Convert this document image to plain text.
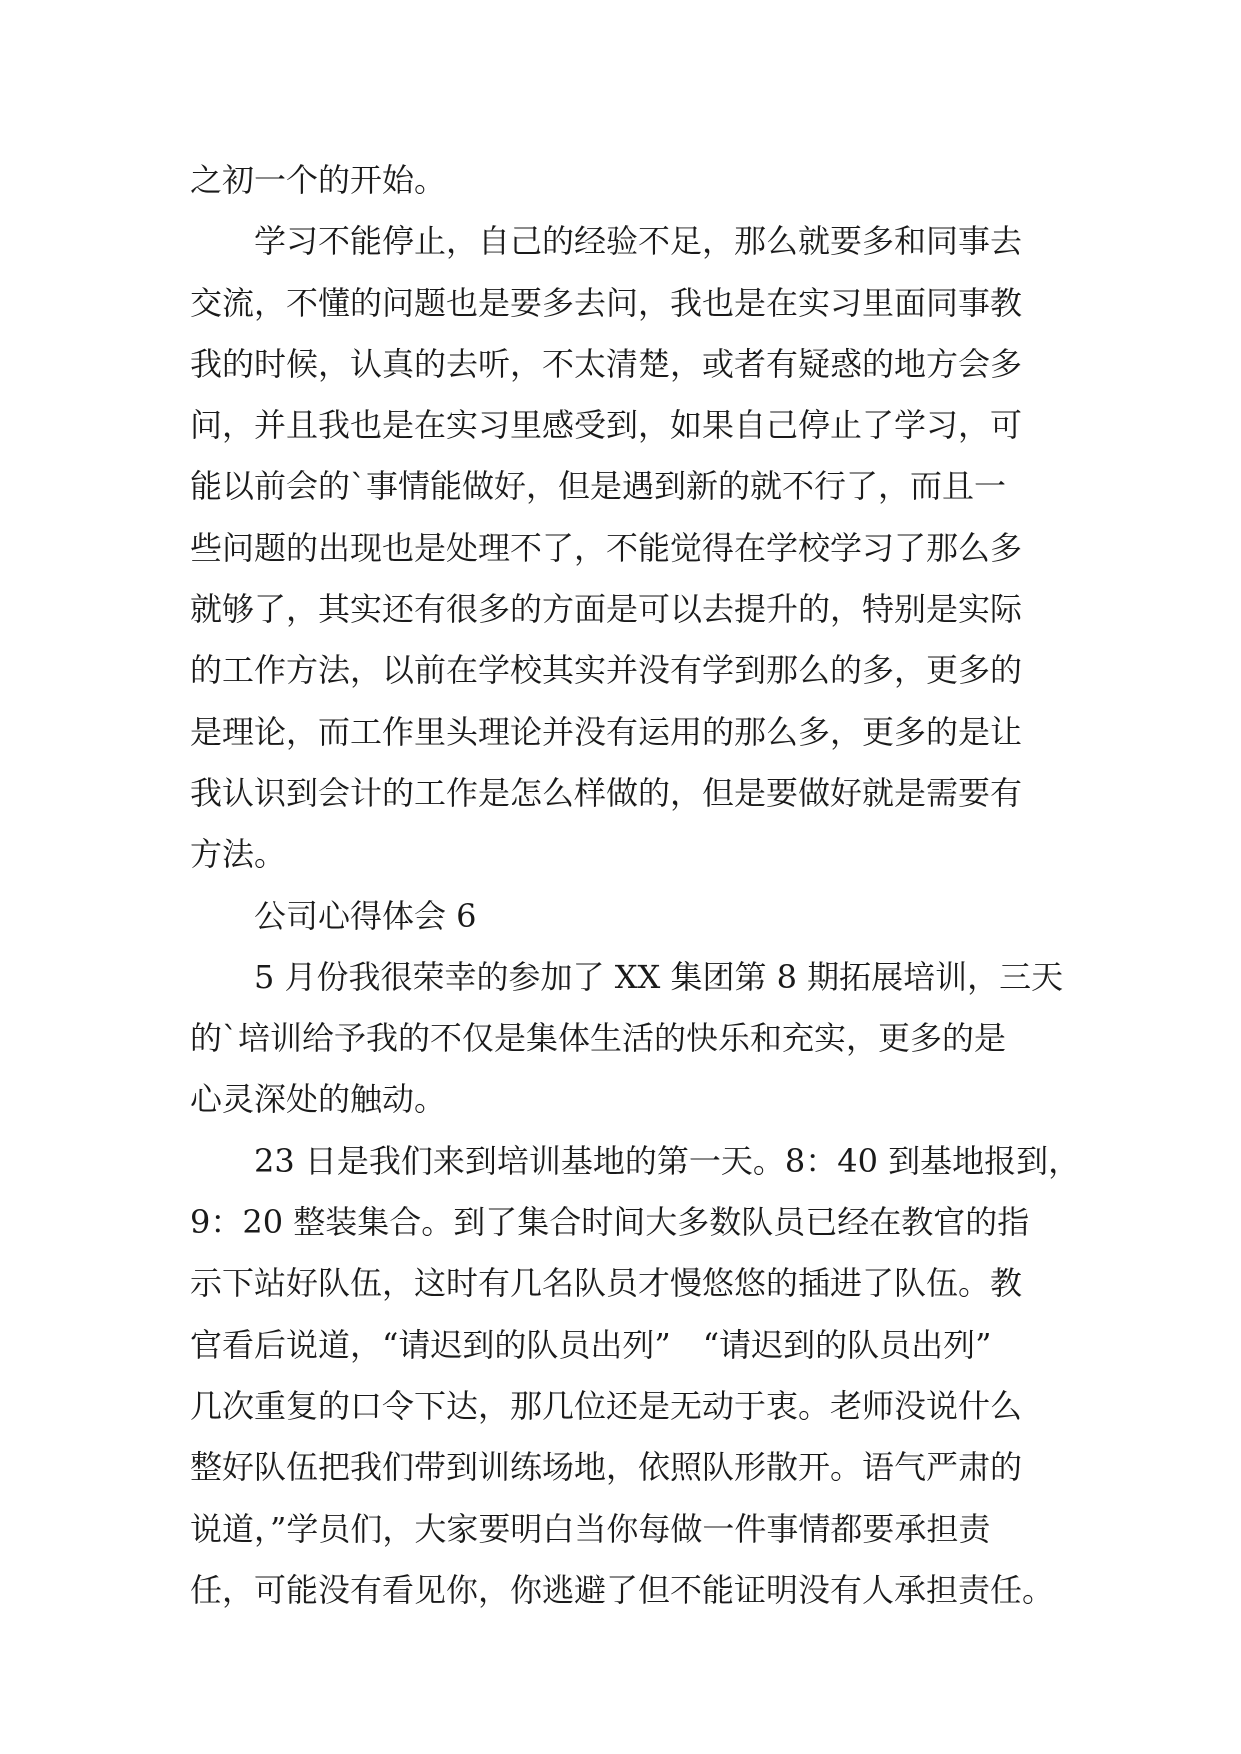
之初一个的开始。
学习不能停止，自己的经验不足，那么就要多和同事去
交流，不懂的问题也是要多去问，我也是在实习里面同事教
我的时候，认真的去听，不太清楚，或者有疑惑的地方会多
问，并且我也是在实习里感受到，如果自己停止了学习，可
能以前会的`事情能做好，但是遇到新的就不行了，而且一
些问题的出现也是处理不了，不能觉得在学校学习了那么多
就够了，其实还有很多的方面是可以去提升的，特别是实际
的工作方法，以前在学校其实并没有学到那么的多，更多的
是理论，而工作里头理论并没有运用的那么多，更多的是让
我认识到会计的工作是怎么样做的，但是要做好就是需要有
方法。
公司心得体会 6
5 月份我很荣幸的参加了 XX 集团第 8 期拓展培训，三天
的`培训给予我的不仅是集体生活的快乐和充实，更多的是
心灵深处的触动。
23 日是我们来到培训基地的第一天。8：40 到基地报到，
9：20 整装集合。到了集合时间大多数队员已经在教官的指
示下站好队伍，这时有几名队员才慢悠悠的插进了队伍。教
官看后说道，“请迟到的队员出列”　“请迟到的队员出列”
几次重复的口令下达，那几位还是无动于衷。老师没说什么
整好队伍把我们带到训练场地，依照队形散开。语气严肃的
说道，”学员们，大家要明白当你每做一件事情都要承担责
任，可能没有看见你，你逃避了但不能证明没有人承担责任。
